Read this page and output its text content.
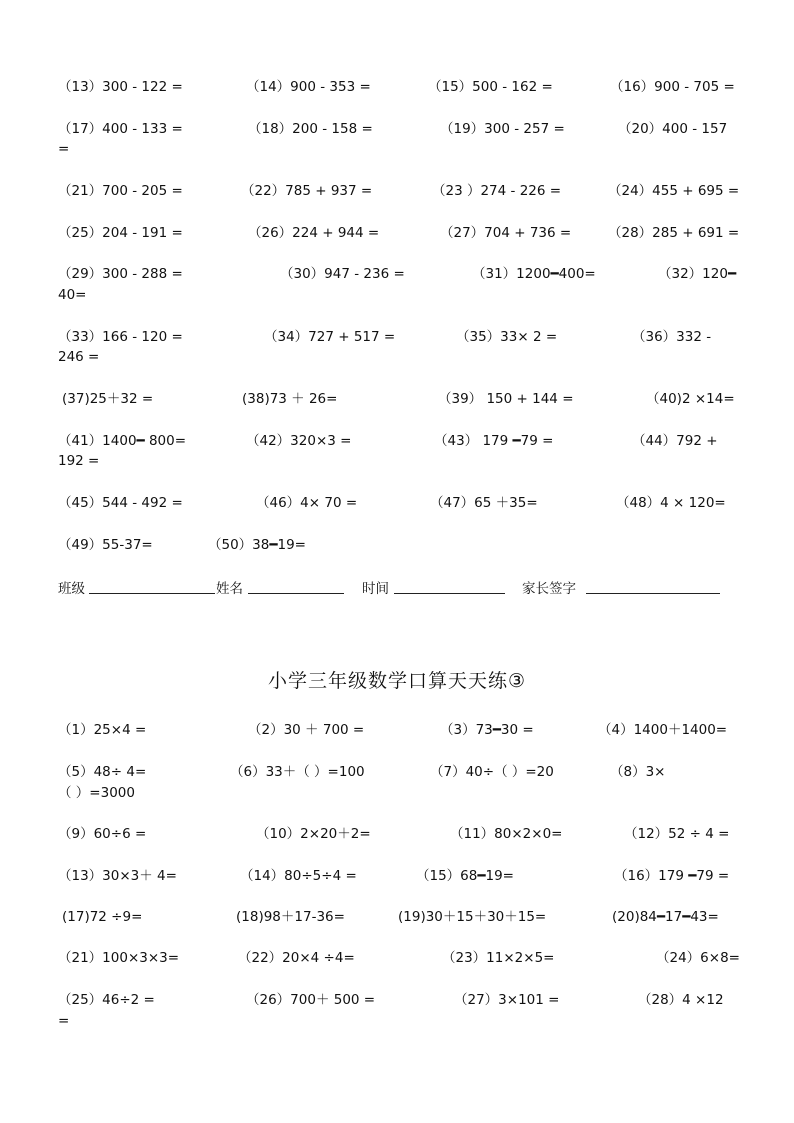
（13）300 - 122 =	（14）900 - 353 =	（15）500 - 162 =	（16）900 - 705 =
（17）400 - 133 =	（18）200 - 158 =	（19）300 - 257 =	（20）400 - 157
=
（21）700 - 205 =	（22）785 + 937 =	（23 ）274 - 226 =	（24）455 + 695 =
（25）204 - 191 =	（26）224 + 944 =	（27）704 + 736 =	（28）285 + 691 =
（29）300 - 288 =	（30）947 - 236 =	（31）1200━400=	（32）120━
40=
（33）166 - 120 =	（34）727 + 517 =	（35）33× 2 =	（36）332 -
246 =
(37)25＋32 =	(38)73 ＋ 26=	（39） 150 + 144 =	（40)2 ×14=
（41）1400━ 800=	（42）320×3 =	（43） 179 ━79 =	（44）792 +
192 =
（45）544 - 492 =	（46）4× 70 =	（47）65 ＋35=	（48）4 × 120=
（49）55-37=	（50）38━19=
班级	姓名	时间	家长签字
小学三年级数学口算天天练③
（1）25×4 =	（2）30 ＋ 700 =	（3）73━30 =	（4）1400＋1400=
（5）48÷ 4=	（6）33＋（ ）=100	（7）40÷（ ）=20	（8）3×
（ ）=3000
（9）60÷6 =	（10）2×20＋2=	（11）80×2×0=	（12）52 ÷ 4 =
（13）30×3＋ 4=	（14）80÷5÷4 =	（15）68━19=	（16）179 ━79 =
(17)72 ÷9=	(18)98＋17-36=	(19)30＋15＋30＋15=	(20)84━17━43=
（21）100×3×3=	（22）20×4 ÷4=	（23）11×2×5=	（24）6×8=
（25）46÷2 =	（26）700＋ 500 =	（27）3×101 =	（28）4 ×12
=
